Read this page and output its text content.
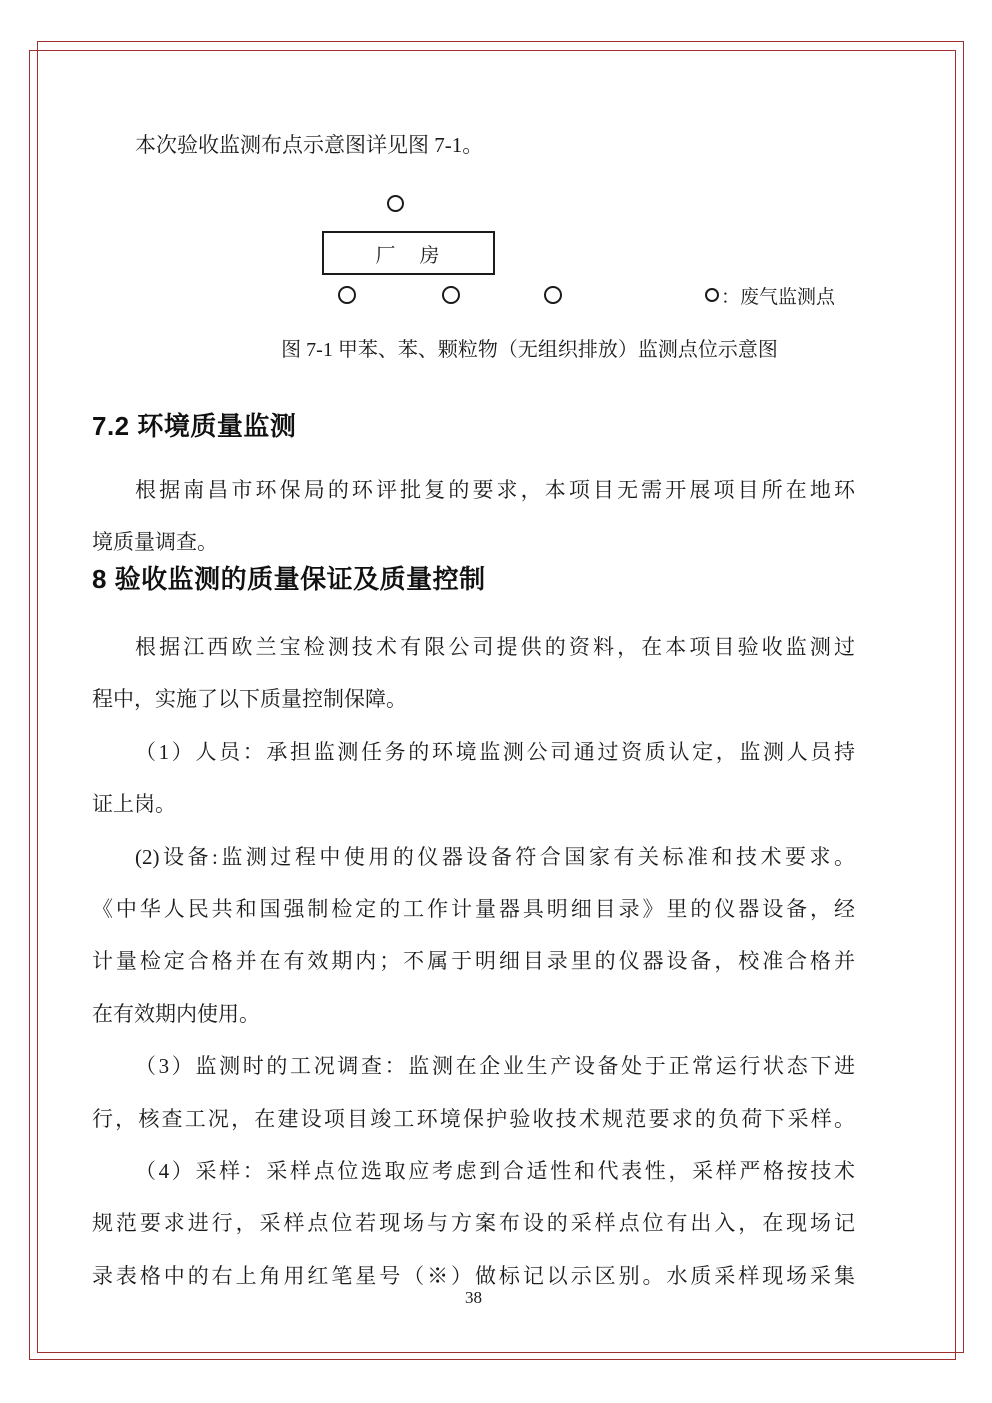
本次验收监测布点示意图详见图 7-1。
厂　房
：废气监测点
图 7-1 甲苯、苯、颗粒物（无组织排放）监测点位示意图
7.2 环境质量监测
根据南昌市环保局的环评批复的要求，本项目无需开展项目所在地环
境质量调查。
8 验收监测的质量保证及质量控制
根据江西欧兰宝检测技术有限公司提供的资料，在本项目验收监测过
程中，实施了以下质量控制保障。
（1）人员：承担监测任务的环境监测公司通过资质认定，监测人员持
证上岗。
(2)设备:监测过程中使用的仪器设备符合国家有关标准和技术要求。
《中华人民共和国强制检定的工作计量器具明细目录》里的仪器设备，经
计量检定合格并在有效期内；不属于明细目录里的仪器设备，校准合格并
在有效期内使用。
（3）监测时的工况调查：监测在企业生产设备处于正常运行状态下进
行，核查工况，在建设项目竣工环境保护验收技术规范要求的负荷下采样。
（4）采样：采样点位选取应考虑到合适性和代表性，采样严格按技术
规范要求进行，采样点位若现场与方案布设的采样点位有出入，在现场记
录表格中的右上角用红笔星号（※）做标记以示区别。水质采样现场采集
38
